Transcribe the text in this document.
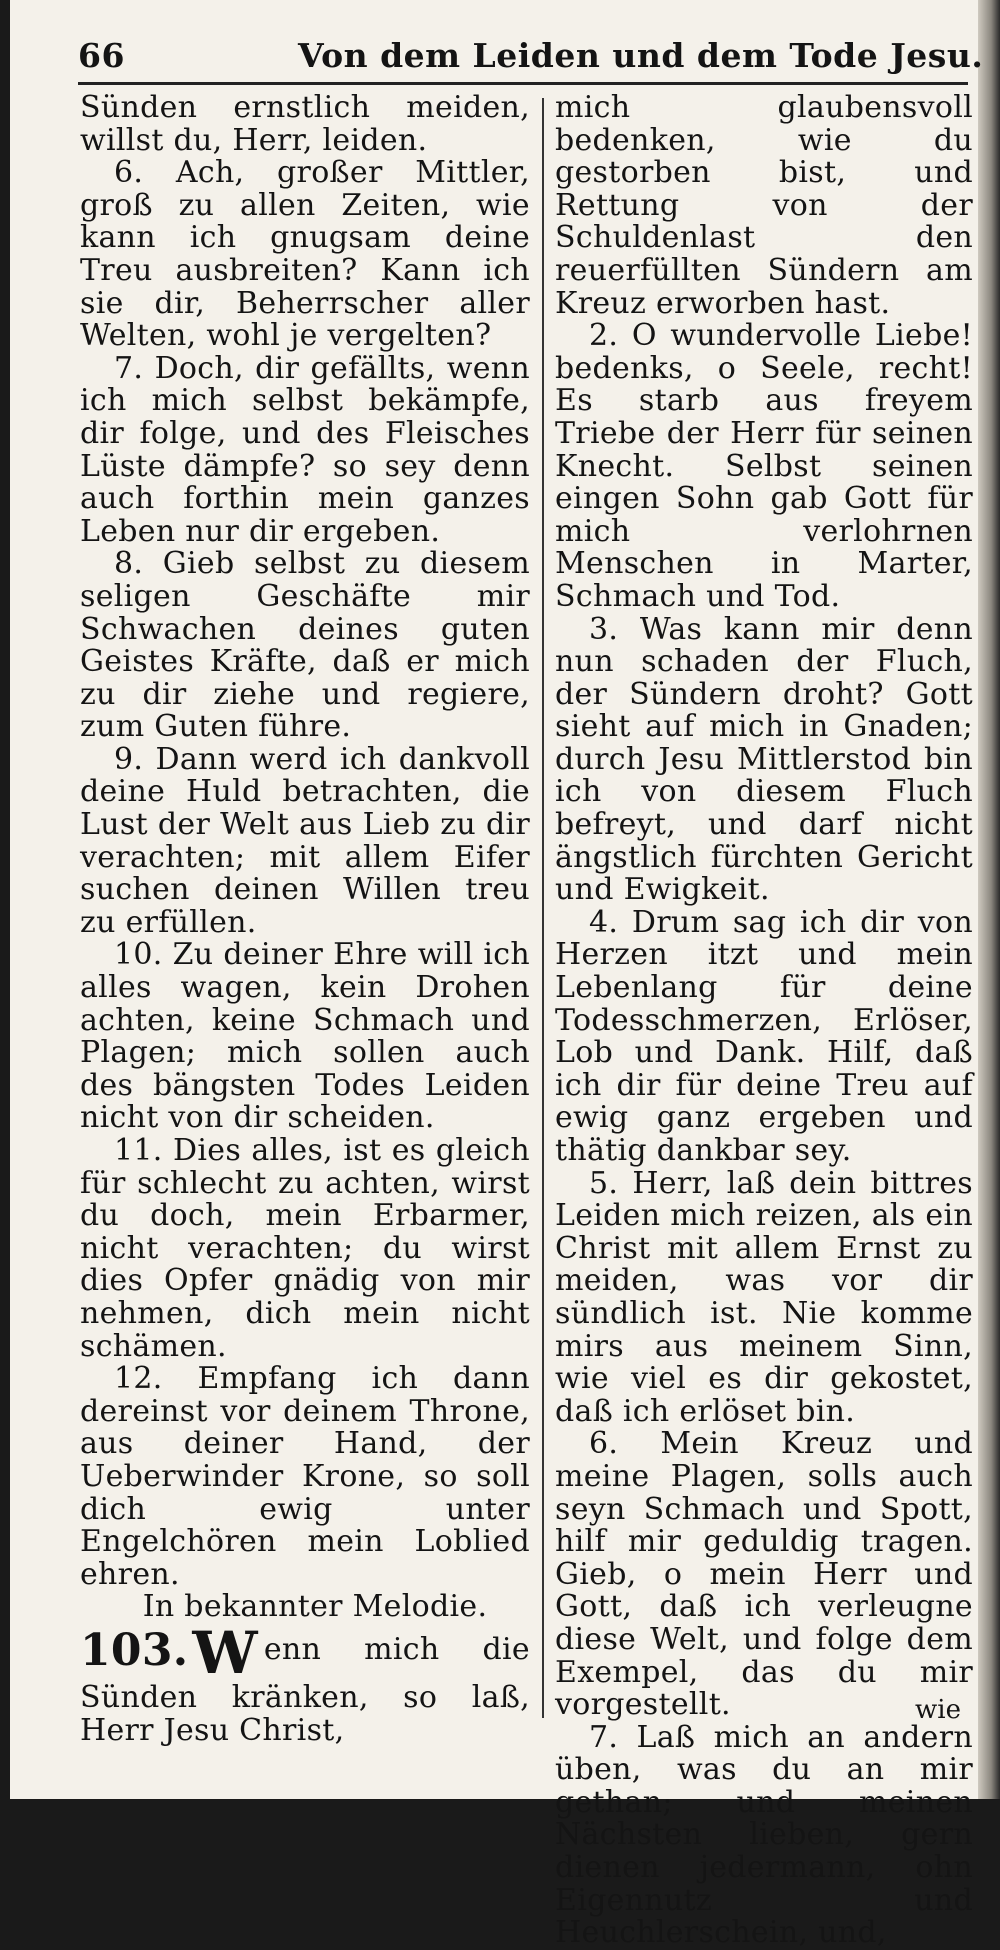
66	Von dem Leiden und dem Tode Jesu.

Sünden ernstlich meiden, willst du, Herr, leiden.

6. Ach, großer Mittler, groß zu allen Zeiten, wie kann ich gnugsam deine Treu ausbreiten? Kann ich sie dir, Beherrscher aller Welten, wohl je vergelten?

7. Doch, dir gefällts, wenn ich mich selbst bekämpfe, dir folge, und des Fleisches Lüste dämpfe? so sey denn auch forthin mein ganzes Leben nur dir ergeben.

8. Gieb selbst zu diesem seligen Geschäfte mir Schwachen deines guten Geistes Kräfte, daß er mich zu dir ziehe und regiere, zum Guten führe.

9. Dann werd ich dankvoll deine Huld betrachten, die Lust der Welt aus Lieb zu dir verachten; mit allem Eifer suchen deinen Willen treu zu erfüllen.

10. Zu deiner Ehre will ich alles wagen, kein Drohen achten, keine Schmach und Plagen; mich sollen auch des bängsten Todes Leiden nicht von dir scheiden.

11. Dies alles, ist es gleich für schlecht zu achten, wirst du doch, mein Erbarmer, nicht verachten; du wirst dies Opfer gnädig von mir nehmen, dich mein nicht schämen.

12. Empfang ich dann dereinst vor deinem Throne, aus deiner Hand, der Ueberwinder Krone, so soll dich ewig unter Engelchören mein Loblied ehren.

In bekannter Melodie.

103.W enn mich die Sünden kränken, so laß, Herr Jesu Christ,

mich glaubensvoll bedenken, wie du gestorben bist, und Rettung von der Schuldenlast den reuerfüllten Sündern am Kreuz erworben hast.

2. O wundervolle Liebe! bedenks, o Seele, recht! Es starb aus freyem Triebe der Herr für seinen Knecht. Selbst seinen eingen Sohn gab Gott für mich verlohrnen Menschen in Marter, Schmach und Tod.

3. Was kann mir denn nun schaden der Fluch, der Sündern droht? Gott sieht auf mich in Gnaden; durch Jesu Mittlerstod bin ich von diesem Fluch befreyt, und darf nicht ängstlich fürchten Gericht und Ewigkeit.

4. Drum sag ich dir von Herzen itzt und mein Lebenlang für deine Todesschmerzen, Erlöser, Lob und Dank. Hilf, daß ich dir für deine Treu auf ewig ganz ergeben und thätig dankbar sey.

5. Herr, laß dein bittres Leiden mich reizen, als ein Christ mit allem Ernst zu meiden, was vor dir sündlich ist. Nie komme mirs aus meinem Sinn, wie viel es dir gekostet, daß ich erlöset bin.

6. Mein Kreuz und meine Plagen, solls auch seyn Schmach und Spott, hilf mir geduldig tragen. Gieb, o mein Herr und Gott, daß ich verleugne diese Welt, und folge dem Exempel, das du mir vorgestellt.

7. Laß mich an andern üben, was du an mir gethan; und meinen Nächsten lieben, gern dienen jedermann, ohn Eigennutz und Heuchlerschein, und,

wie
